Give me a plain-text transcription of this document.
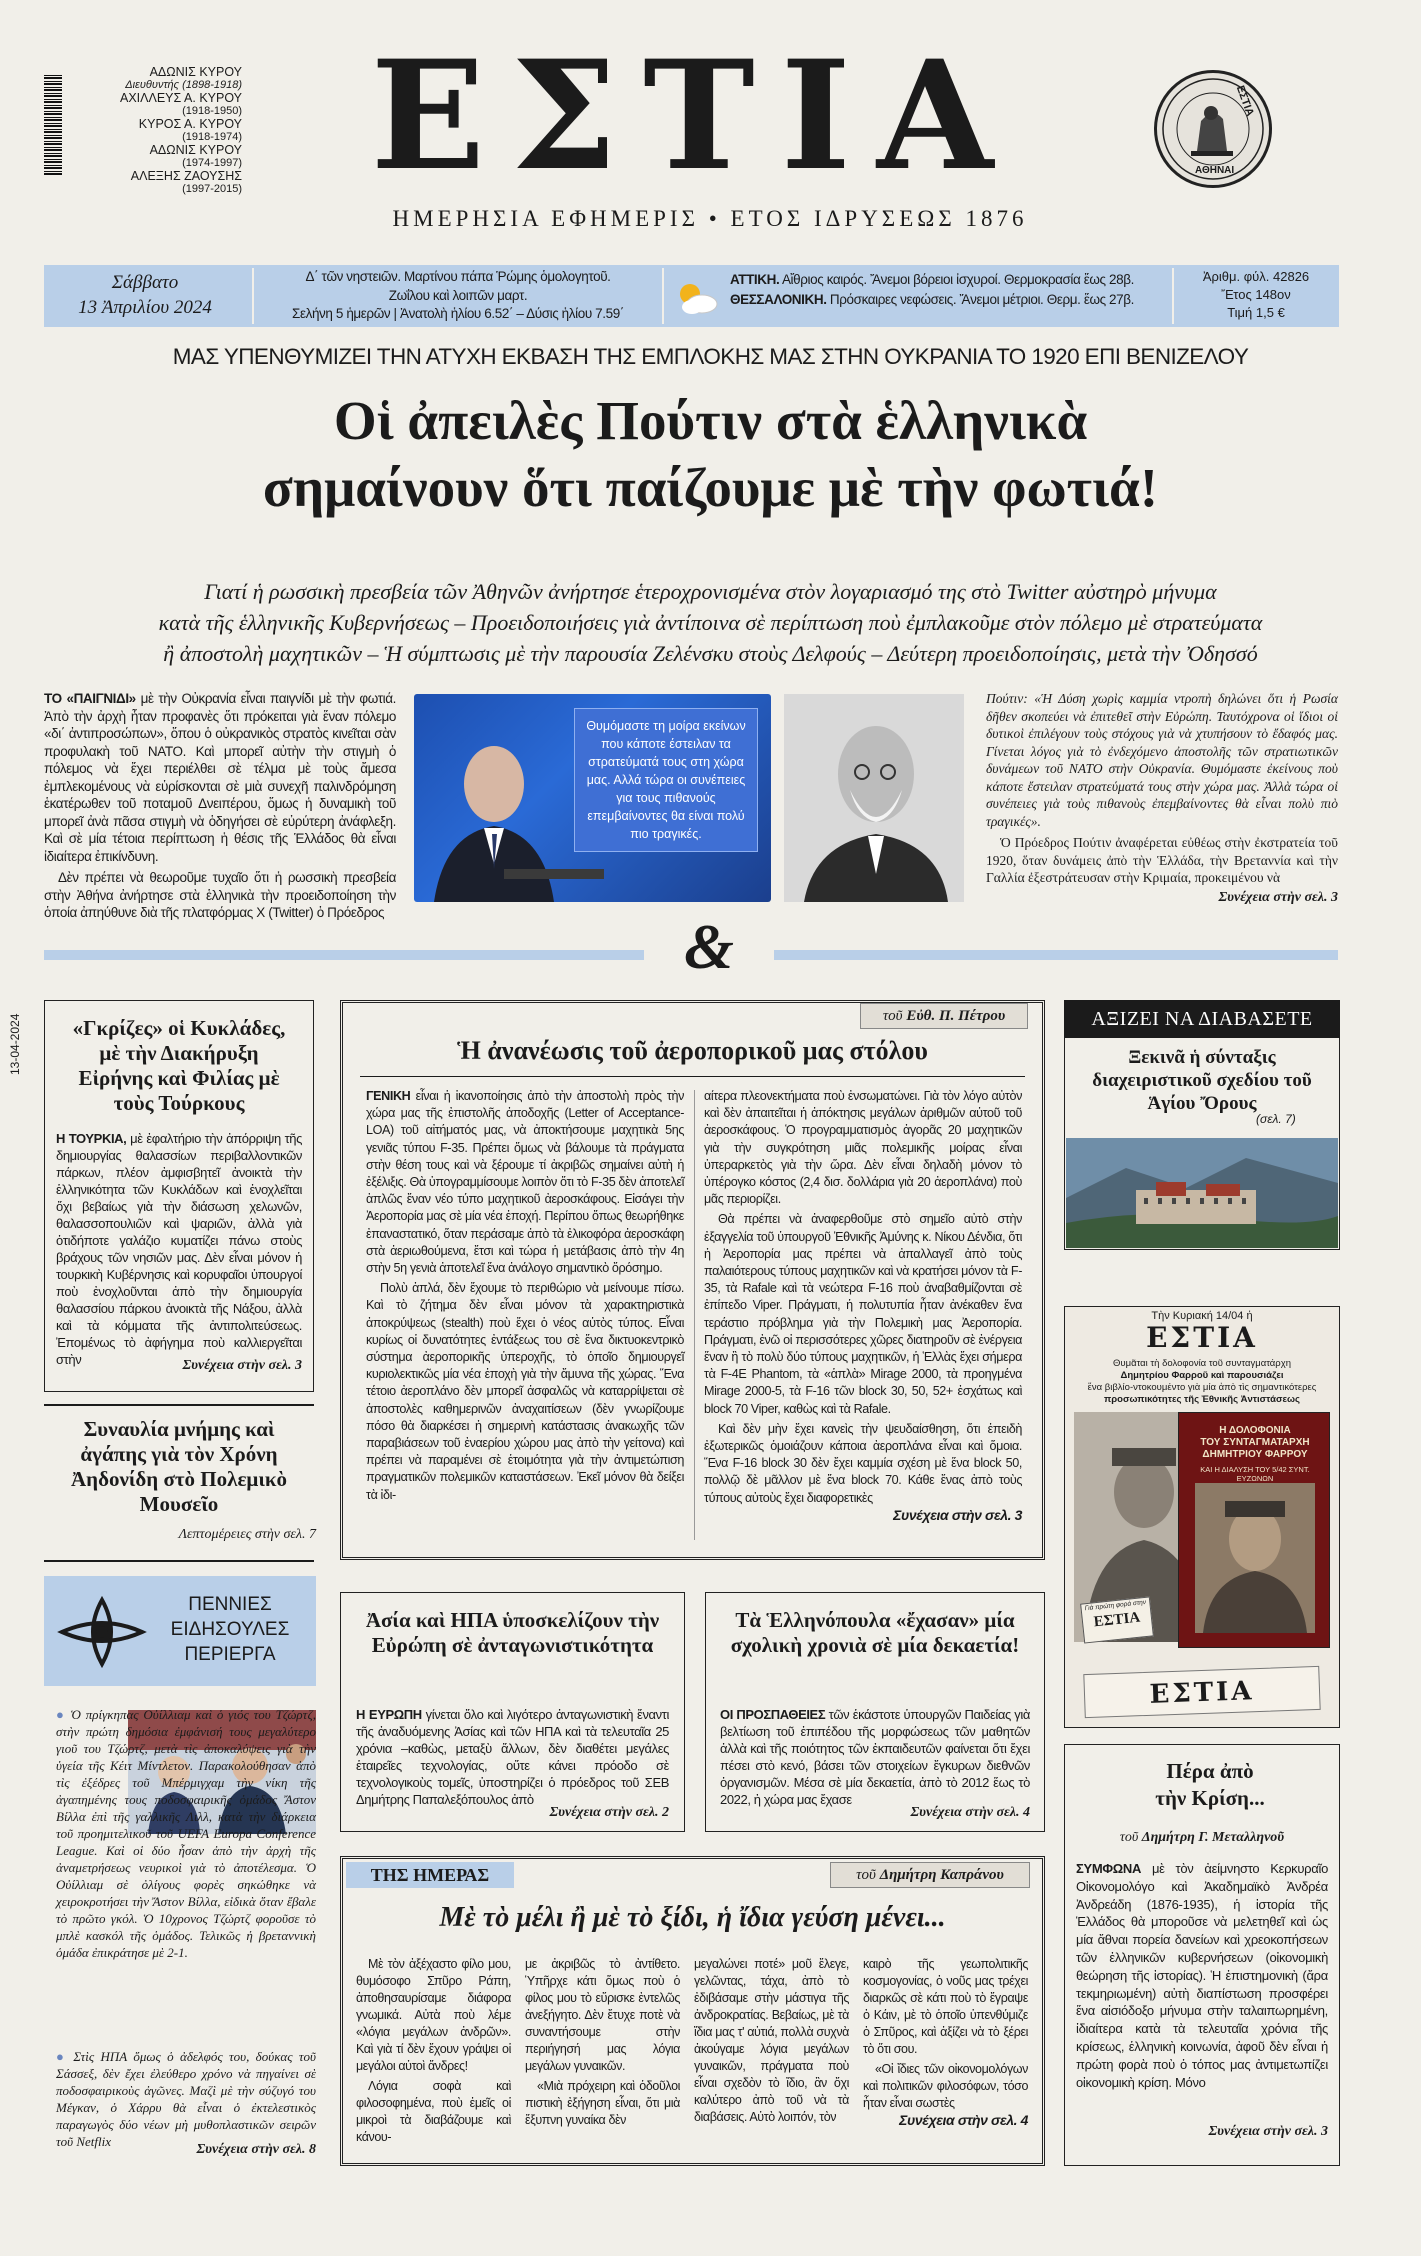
ΑΔΩΝΙΣ ΚΥΡΟΥ
Διευθυντής (1898-1918)
ΑΧΙΛΛΕΥΣ Α. ΚΥΡΟΥ
(1918-1950)
ΚΥΡΟΣ Α. ΚΥΡΟΥ
(1918-1974)
ΑΔΩΝΙΣ ΚΥΡΟΥ
(1974-1997)
ΑΛΕΞΗΣ ΖΑΟΥΣΗΣ
(1997-2015) ΕΣΤΙΑ
ΗΜΕΡΗΣΙΑ ΕΦΗΜΕΡΙΣ • ΕΤΟΣ ΙΔΡΥΣΕΩΣ 1876
ΕΣΤΙΑ
ΑΘΗΝΑΙ
Σάββατο
13 Ἀπριλίου 2024
Δ΄ τῶν νηστειῶν. Μαρτίνου πάπα Ῥώμης ὁμολογητοῦ.
Ζωΐλου καὶ λοιπῶν μαρτ.
Σελήνη 5 ἡμερῶν | Ἀνατολὴ ἡλίου 6.52΄ – Δύσις ἡλίου 7.59΄
ΑΤΤΙΚΗ. Αἴθριος καιρός. Ἄνεμοι βόρειοι ἰσχυροί. Θερμοκρασία ἕως 28β.
ΘΕΣΣΑΛΟΝΙΚΗ. Πρόσκαιρες νεφώσεις. Ἄνεμοι μέτριοι. Θερμ. ἕως 27β.
Ἀριθμ. φύλ. 42826
Ἔτος 148ον
Τιμή 1,5 €
ΜΑΣ ΥΠΕΝΘΥΜΙΖΕΙ ΤΗΝ ΑΤΥΧΗ ΕΚΒΑΣΗ ΤΗΣ ΕΜΠΛΟΚΗΣ ΜΑΣ ΣΤΗΝ ΟΥΚΡΑΝΙΑ ΤΟ 1920 ΕΠΙ ΒΕΝΙΖΕΛΟΥ
Οἱ ἀπειλὲς Πούτιν στὰ ἑλληνικὰ
σημαίνουν ὅτι παίζουμε μὲ τὴν φωτιά!
Γιατί ἡ ρωσσικὴ πρεσβεία τῶν Ἀθηνῶν ἀνήρτησε ἑτεροχρονισμένα στὸν λογαριασμό της στὸ Twitter αὐστηρὸ μήνυμα
κατὰ τῆς ἑλληνικῆς Κυβερνήσεως – Προειδοποιήσεις γιὰ ἀντίποινα σὲ περίπτωση ποὺ ἐμπλακοῦμε στὸν πόλεμο μὲ στρατεύματα
ἢ ἀποστολὴ μαχητικῶν – Ἡ σύμπτωσις μὲ τὴν παρουσία Ζελένσκυ στοὺς Δελφούς – Δεύτερη προειδοποίησις, μετὰ τὴν Ὀδησσό
ΤΟ «ΠΑΙΓΝΙΔΙ» μὲ τὴν Οὐκρανία εἶναι παιγνίδι μὲ τὴν φωτιά. Ἀπὸ τὴν ἀρχὴ ἦταν προφανὲς ὅτι πρόκειται γιὰ ἕναν πόλεμο «δι΄ ἀντιπροσώπων», ὅπου ὁ οὐκρανικὸς στρατὸς κινεῖται σὰν προφυλακὴ τοῦ ΝΑΤΟ. Καὶ μπορεῖ αὐτὴν τὴν στιγμὴ ὁ πόλεμος νὰ ἔχει περιέλθει σὲ τέλμα μὲ τοὺς ἄμεσα ἐμπλεκομένους νὰ εὑρίσκονται σὲ μιὰ συνεχῆ παλινδρόμηση ἑκατέρωθεν τοῦ ποταμοῦ Δνειπέρου, ὅμως ἡ δυναμικὴ τοῦ μπορεῖ ἀνὰ πᾶσα στιγμὴ νὰ ὁδηγήσει σὲ εὐρύτερη ἀνάφλεξη. Καὶ σὲ μία τέτοια περίπτωση ἡ θέσις τῆς Ἑλλάδος θὰ εἶναι ἰδιαίτερα ἐπικίνδυνη.
Δὲν πρέπει νὰ θεωροῦμε τυχαῖο ὅτι ἡ ρωσσικὴ πρεσβεία στὴν Ἀθήνα ἀνήρτησε στὰ ἑλληνικὰ τὴν προειδοποίηση τὴν ὁποία ἀπηύθυνε διὰ τῆς πλατφόρμας Χ (Twitter) ὁ Πρόεδρος
Θυμόμαστε τη μοίρα εκείνων που κάποτε έστειλαν τα στρατεύματά τους στη χώρα μας. Αλλά τώρα οι συνέπειες για τους πιθανούς επεμβαίνοντες θα είναι πολύ πιο τραγικές.
Πούτιν: «Ἡ Δύση χωρὶς καμμία ντροπὴ δηλώνει ὅτι ἡ Ρωσία δῆθεν σκοπεύει νὰ ἐπιτεθεῖ στὴν Εὐρώπη. Ταυτόχρονα οἱ ἴδιοι οἱ δυτικοὶ ἐπιλέγουν τοὺς στόχους γιὰ νὰ χτυπήσουν τὸ ἔδαφός μας. Γίνεται λόγος γιὰ τὸ ἐνδεχόμενο ἀποστολῆς τῶν στρατιωτικῶν δυνάμεων τοῦ ΝΑΤΟ στὴν Οὐκρανία. Θυμόμαστε ἐκείνους ποὺ κάποτε ἔστειλαν στρατεύματά τους στὴν χώρα μας. Ἀλλὰ τώρα οἱ συνέπειες γιὰ τοὺς πιθανοὺς ἐπεμβαίνοντες θὰ εἶναι πολὺ πιὸ τραγικές».
Ὁ Πρόεδρος Πούτιν ἀναφέρεται εὐθέως στὴν ἐκστρατεία τοῦ 1920, ὅταν δυνάμεις ἀπὸ τὴν Ἑλλάδα, τὴν Βρεταννία καὶ τὴν Γαλλία ἐξεστράτευσαν στὴν Κριμαία, προκειμένου νὰ
Συνέχεια στὴν σελ. 3
&
13-04-2024	«Γκρίζες» οἱ Κυκλάδες, μὲ τὴν Διακήρυξη Εἰρήνης καὶ Φιλίας μὲ τοὺς Τούρκους
Η ΤΟΥΡΚΙΑ, μὲ ἐφαλτήριο τὴν ἀπόρριψη τῆς δημιουργίας θαλασσίων περιβαλλοντικῶν πάρκων, πλέον ἀμφισβητεῖ ἀνοικτὰ τὴν ἑλληνικότητα τῶν Κυκλάδων καὶ ἐνοχλεῖται ὄχι βεβαίως γιὰ τὴν διάσωση χελωνῶν, θαλασσοπουλιῶν καὶ ψαριῶν, ἀλλὰ γιὰ ὁτιδήποτε γαλάζιο κυματίζει πάνω στοὺς βράχους τῶν νησιῶν μας. Δὲν εἶναι μόνον ἡ τουρκικὴ Κυβέρνησις καὶ κορυφαῖοι ὑπουργοί ποὺ ἐνοχλοῦνται ἀπὸ τὴν δημιουργία θαλασσίου πάρκου ἀνοικτὰ τῆς Νάξου, ἀλλὰ καὶ τὰ κόμματα τῆς ἀντιπολιτεύσεως. Ἐπομένως τὸ ἀφήγημα ποὺ καλλιεργεῖται στὴν	Συνέχεια στὴν σελ. 3
Συναυλία μνήμης καὶ ἀγάπης γιὰ τὸν Χρόνη Ἀηδονίδη στὸ Πολεμικὸ Μουσεῖο
Λεπτομέρειες στὴν σελ. 7
ΠΕΝΝΙΕΣ
ΕΙΔΗΣΟΥΛΕΣ
ΠΕΡΙΕΡΓΑ
● Ὁ πρίγκηπας Οὐίλλιαμ καὶ ὁ γιός του Τζώρτζ, στὴν πρώτη δημόσια ἐμφάνισή τους μεγαλύτερο γιοῦ του Τζώρτζ, μετὰ τὶς ἀποκαλύψεις γιὰ τὴν ὑγεία τῆς Κέιτ Μίντλετον. Παρακολούθησαν ἀπὸ τὶς ἐξέδρες τοῦ Μπέρμιγχαμ τὴν νίκη τῆς ἀγαπημένης τους ποδοσφαιρικῆς ὁμάδος Ἄστον Βίλλα ἐπὶ τῆς γαλλικῆς Λιλλ, κατὰ τὴν διάρκεια τοῦ προημιτελικοῦ τοῦ UEFA Europa Conference League. Καὶ οἱ δύο ἦσαν ἀπὸ τὴν ἀρχὴ τῆς ἀναμετρήσεως νευρικοὶ γιὰ τὸ ἀποτέλεσμα. Ὁ Οὐίλλιαμ σὲ ὀλίγους φορὲς σηκώθηκε νὰ χειροκροτήσει τὴν Ἄστον Βίλλα, εἰδικὰ ὅταν ἔβαλε τὸ πρῶτο γκόλ. Ὁ 10χρονος Τζώρτζ φοροῦσε τὸ μπλὲ κασκόλ τῆς ὁμάδος. Τελικῶς ἡ βρεταννικὴ ὁμάδα ἐπικράτησε μὲ 2-1.
● Στὶς ΗΠΑ ὅμως ὁ ἀδελφός του, δούκας τοῦ Σάσσεξ, δὲν ἔχει ἐλεύθερο χρόνο νὰ πηγαίνει σὲ ποδοσφαιρικοὺς ἀγῶνες. Μαζὶ μὲ τὴν σύζυγό του Μέγκαν, ὁ Χάρρυ θὰ εἶναι ὁ ἐκτελεστικὸς παραγωγὸς δύο νέων μὴ μυθοπλαστικῶν σειρῶν τοῦ Netflix
Συνέχεια στὴν σελ. 8
τοῦ Εὐθ. Π. Πέτρου
Ἡ ἀνανέωσις τοῦ ἀεροπορικοῦ μας στόλου
ΓΕΝΙΚΗ εἶναι ἡ ἱκανοποίησις ἀπὸ τὴν ἀποστολὴ πρὸς τὴν χώρα μας τῆς ἐπιστολῆς ἀποδοχῆς (Letter of Acceptance-LOA) τοῦ αἰτήματός μας, νὰ ἀποκτήσουμε μαχητικὰ 5ης γενιᾶς τύπου F-35. Πρέπει ὅμως νὰ βάλουμε τὰ πράγματα στὴν θέση τους καὶ νὰ ξέρουμε τί ἀκριβῶς σημαίνει αὐτὴ ἡ ἐξέλιξις. Θὰ ὑπογραμμίσουμε λοιπὸν ὅτι τὸ F-35 δὲν ἀποτελεῖ ἁπλῶς ἕναν νέο τύπο μαχητικοῦ ἀεροσκάφους. Εἰσάγει τὴν Ἀεροπορία μας σὲ μία νέα ἐποχή. Περίπου ὅπως θεωρήθηκε ἐπαναστατικό, ὅταν περάσαμε ἀπὸ τὰ ἐλικοφόρα ἀεροσκάφη στὰ ἀεριωθούμενα, ἔτσι καὶ τώρα ἡ μετάβασις ἀπὸ τὴν 4η στὴν 5η γενιὰ ἀποτελεῖ ἕνα ἀνάλογο σημαντικὸ ὅρόσημο.
Πολὺ ἁπλά, δὲν ἔχουμε τὸ περιθώριο νὰ μείνουμε πίσω. Καὶ τὸ ζήτημα δὲν εἶναι μόνον τὰ χαρακτηριστικὰ ἀποκρύψεως (stealth) ποὺ ἔχει ὁ νέος αὐτὸς τύπος. Εἶναι κυρίως οἱ δυνατότητες ἐντάξεως του σὲ ἕνα δικτυοκεντρικὸ σύστημα ἀεροπορικῆς ὑπεροχῆς, τὸ ὁποῖο δημιουργεῖ κυριολεκτικῶς μία νέα ἐποχὴ γιὰ τὴν ἄμυνα τῆς χώρας. Ἕνα τέτοιο ἀεροπλάνο δὲν μπορεῖ ἀσφαλῶς νὰ καταρρίψεται σὲ ἀποστολὲς καθημερινῶν ἀναχαιτίσεων (δὲν γνωρίζουμε πόσο θὰ διαρκέσει ἡ σημερινὴ κατάστασις ἀνακωχῆς τῶν παραβιάσεων τοῦ ἐναερίου χώρου μας ἀπὸ τὴν γείτονα) καὶ πρέπει νὰ παραμένει σὲ ἑτοιμότητα γιὰ τὴν ἀντιμετώπιση πραγματικῶν πολεμικῶν καταστάσεων. Ἐκεῖ μόνον θὰ δείξει τὰ ἰδι-
αίτερα πλεονεκτήματα ποὺ ἐνσωματώνει. Γιὰ τὸν λόγο αὐτὸν καὶ δὲν ἀπαιτεῖται ἡ ἀπόκτησις μεγάλων ἀριθμῶν αὐτοῦ τοῦ ἀεροσκάφους. Ὁ προγραμματισμὸς ἀγορᾶς 20 μαχητικῶν γιὰ τὴν συγκρότηση μιᾶς πολεμικῆς μοίρας εἶναι ὑπεραρκετὸς γιὰ τὴν ὥρα. Δὲν εἶναι δηλαδὴ μόνον τὸ ὑπέρογκο κόστος (2,4 δισ. δολλάρια γιὰ 20 ἀεροπλάνα) ποὺ μᾶς περιορίζει.
Θὰ πρέπει νὰ ἀναφερθοῦμε στὸ σημεῖο αὐτὸ στὴν ἐξαγγελία τοῦ ὑπουργοῦ Ἐθνικῆς Ἀμύνης κ. Νίκου Δένδια, ὅτι ἡ Ἀεροπορία μας πρέπει νὰ ἀπαλλαγεῖ ἀπὸ τοὺς παλαιότερους τύπους μαχητικῶν καὶ νὰ κρατήσει μόνον τὰ F-35, τὰ Rafale καὶ τὰ νεώτερα F-16 ποὺ ἀναβαθμίζονται σὲ ἐπίπεδο Viper. Πράγματι, ἡ πολυτυπία ἦταν ἀνέκαθεν ἕνα τεράστιο πρόβλημα γιὰ τὴν Πολεμικὴ μας Ἀεροπορία. Πράγματι, ἐνῶ οἱ περισσότερες χῶρες διατηροῦν σὲ ἐνέργεια ἕναν ἢ τὸ πολὺ δύο τύπους μαχητικῶν, ἡ Ἑλλὰς ἔχει σήμερα τὰ F-4E Phantom, τὰ «ἁπλὰ» Mirage 2000, τὰ προηγμένα Mirage 2000-5, τὰ F-16 τῶν block 30, 50, 52+ ἐσχάτως καὶ block 70 Viper, καθὼς καὶ τὰ Rafale.
Καὶ δὲν μὴν ἔχει κανεὶς τὴν ψευδαίσθηση, ὅτι ἐπειδὴ ἐξωτερικῶς ὁμοιάζουν κάποια ἀεροπλάνα εἶναι καὶ ὅμοια. Ἕνα F-16 block 30 δὲν ἔχει καμμία σχέση μὲ ἕνα block 50, πολλῷ δὲ μᾶλλον μὲ ἕνα block 70. Κάθε ἕνας ἀπὸ τοὺς τύπους αὐτοὺς ἔχει διαφορετικὲς
Συνέχεια στὴν σελ. 3
Ἀσία καὶ ΗΠΑ ὑποσκελίζουν τὴν Εὐρώπη σὲ ἀνταγωνιστικότητα
Η ΕΥΡΩΠΗ γίνεται ὅλο καὶ λιγότερο ἀνταγωνιστικὴ ἔναντι τῆς ἀναδυόμενης Ἀσίας καὶ τῶν ΗΠΑ καὶ τὰ τελευταῖα 25 χρόνια –καθὼς, μεταξὺ ἄλλων, δὲν διαθέτει μεγάλες ἑταιρεῖες τεχνολογίας, οὔτε κάνει πρόοδο σὲ τεχνολογικοὺς τομεῖς, ὑποστηρίζει ὁ πρόεδρος τοῦ ΣΕΒ Δημήτρης Παπαλεξόπουλος ἀπὸ
Συνέχεια στὴν σελ. 2
Τὰ Ἑλληνόπουλα «ἔχασαν» μία σχολικὴ χρονιὰ σὲ μία δεκαετία!
ΟΙ ΠΡΟΣΠΑΘΕΙΕΣ τῶν ἑκάστοτε ὑπουργῶν Παιδείας γιὰ βελτίωση τοῦ ἐπιπέδου τῆς μορφώσεως τῶν μαθητῶν ἀλλὰ καὶ τῆς ποιότητος τῶν ἐκπαιδευτῶν φαίνεται ὅτι ἔχει πέσει στὸ κενό, βάσει τῶν στοιχείων ἔγκυρων διεθνῶν ὀργανισμῶν. Μέσα σὲ μία δεκαετία, ἀπὸ τὸ 2012 ἕως τὸ 2022, ἡ χώρα μας ἔχασε
Συνέχεια στὴν σελ. 4
ΤΗΣ ΗΜΕΡΑΣ	τοῦ Δημήτρη Καπράνου
Μὲ τὸ μέλι ἢ μὲ τὸ ξίδι, ἡ ἴδια γεύση μένει...
Μὲ τὸν ἀξέχαστο φίλο μου, θυμόσοφο Σπῦρο Ράπη, ἀποθησαυρίσαμε διάφορα γνωμικά. Αὐτὰ ποὺ λέμε «λόγια μεγάλων ἀνδρῶν». Καὶ γιὰ τί δὲν ἔχουν γράψει οἱ μεγάλοι αὐτοὶ ἄνδρες!
Λόγια σοφὰ καὶ φιλοσοφημένα, ποὺ ἐμεῖς οἱ μικροὶ τὰ διαβάζουμε καὶ κάνου-
με ἀκριβῶς τὸ ἀντίθετο. Ὑπῆρχε κάτι ὅμως ποὺ ὁ φίλος μου τὸ εὕρισκε ἐντελῶς ἀνεξήγητο. Δὲν ἔτυχε ποτὲ νὰ συναντήσουμε στὴν περιήγησή μας λόγια μεγάλων γυναικῶν.
«Μιὰ πρόχειρη καὶ ὁδοῦλοι πιστικὴ ἐξήγηση εἶναι, ὅτι μιὰ ἔξυπνη γυναίκα δὲν
μεγαλώνει ποτέ» μοῦ ἔλεγε, γελῶντας, τάχα, ἀπὸ τὸ ἐδιβάσαμε στὴν μάστιγα τῆς ἀνδροκρατίας. Βεβαίως, μὲ τὰ ἴδια μας τ' αὐτιά, πολλὰ συχνὰ ἀκούγαμε λόγια μεγάλων γυναικῶν, πράγματα ποὺ εἶναι σχεδὸν τὸ ἴδιο, ἂν ὄχι καλύτερο ἀπὸ τοῦ νὰ τὰ διαβάσεις. Αὐτὸ λοιπόν, τὸν
καιρὸ τῆς γεωπολιτικῆς κοσμογονίας, ὁ νοῦς μας τρέχει διαρκῶς σὲ κάτι ποὺ τὸ ἔγραψε ὁ Κάιν, μὲ τὸ ὁποῖο ὑπενθύμιζε ὁ Σπῦρος, καὶ ἀξίζει νὰ τὸ ξέρει τὸ ὅτι σου.
«Οἱ ἴδιες τῶν οἰκονομολόγων καὶ πολιτικῶν φιλοσόφων, τόσο ἦταν εἶναι σωστὲς
Συνέχεια στὴν σελ. 4
ΑΞΙΖΕΙ ΝΑ ΔΙΑΒΑΣΕΤΕ
Ξεκινᾶ ἡ σύνταξις διαχειριστικοῦ σχεδίου τοῦ Ἁγίου Ὄρους
(σελ. 7)
Τὴν Κυριακή 14/04 ἡ
ΕΣΤΙΑ
Θυμᾶται τὴ δολοφονία τοῦ συνταγματάρχη
Δημητρίου Φαρροῦ καὶ παρουσιάζει
ἕνα βιβλίο-ντοκουμέντο γιὰ μία ἀπὸ τὶς σημαντικότερες
προσωπικότητες τῆς Ἐθνικῆς Ἀντιστάσεως
Η ΔΟΛΟΦΟΝΙΑ
ΤΟΥ ΣΥΝΤΑΓΜΑΤΑΡΧΗ
ΔΗΜΗΤΡΙΟΥ ΦΑΡΡΟΥ
ΚΑΙ Η ΔΙΑΛΥΣΗ ΤΟΥ 5/42 ΣΥΝΤ. ΕΥΖΩΝΩΝ
Γιὰ πρώτη φορά στην
ΕΣΤΙΑ
ΕΣΤΙΑ
Πέρα ἀπὸ τὴν Κρίση...
τοῦ Δημήτρη Γ. Μεταλληνοῦ
ΣΥΜΦΩΝΑ μὲ τὸν ἀείμνηστο Κερκυραῖο Οἰκονομολόγο καὶ Ἀκαδημαϊκὸ Ἀνδρέα Ἀνδρεάδη (1876-1935), ἡ ἱστορία τῆς Ἑλλάδος θὰ μποροῦσε νὰ μελετηθεῖ καὶ ὡς μία ἄθναι πορεία δανείων καὶ χρεοκοπήσεων τῶν ἑλληνικῶν κυβερνήσεων (οἰκονομικὴ θεώρηση τῆς ἱστορίας). Ἡ ἐπιστημονικὴ (ἄρα τεκμηριωμένη) αὐτὴ διαπίστωση προσφέρει ἕνα αἰσιόδοξο μήνυμα στὴν ταλαιπωρημένη, ἰδιαίτερα κατὰ τὰ τελευταῖα χρόνια τῆς κρίσεως, ἑλληνικὴ κοινωνία, ἀφοῦ δὲν εἶναι ἡ πρώτη φορὰ ποὺ ὁ τόπος μας ἀντιμετωπίζει οἰκονομικὴ κρίση. Μόνο
Συνέχεια στὴν σελ. 3
